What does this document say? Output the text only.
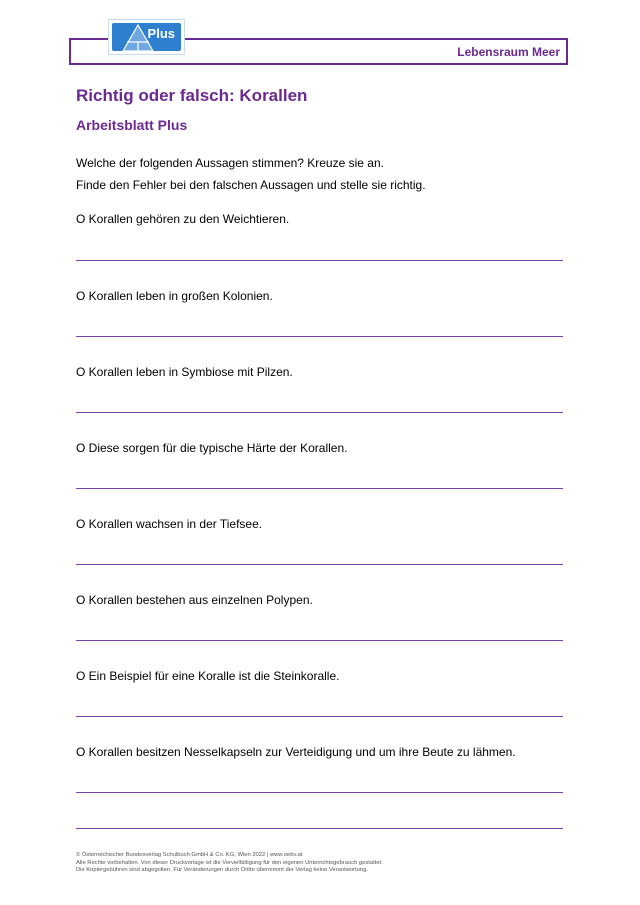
Lebensraum Meer
Plus
Richtig oder falsch: Korallen
Arbeitsblatt Plus
Welche der folgenden Aussagen stimmen? Kreuze sie an.
Finde den Fehler bei den falschen Aussagen und stelle sie richtig.
O Korallen gehören zu den Weichtieren.
O Korallen leben in großen Kolonien.
O Korallen leben in Symbiose mit Pilzen.
O Diese sorgen für die typische Härte der Korallen.
O Korallen wachsen in der Tiefsee.
O Korallen bestehen aus einzelnen Polypen.
O Ein Beispiel für eine Koralle ist die Steinkoralle.
O Korallen besitzen Nesselkapseln zur Verteidigung und um ihre Beute zu lähmen.
© Österreichischer Bundesverlag Schulbuch GmbH & Co. KG, Wien 2022 | www.oebv.at
Alle Rechte vorbehalten. Von dieser Druckvorlage ist die Vervielfältigung für den eigenen Unterrichtsgebrauch gestattet.
Die Kopiergebühren sind abgegolten. Für Veränderungen durch Dritte übernimmt der Verlag keine Verantwortung.
